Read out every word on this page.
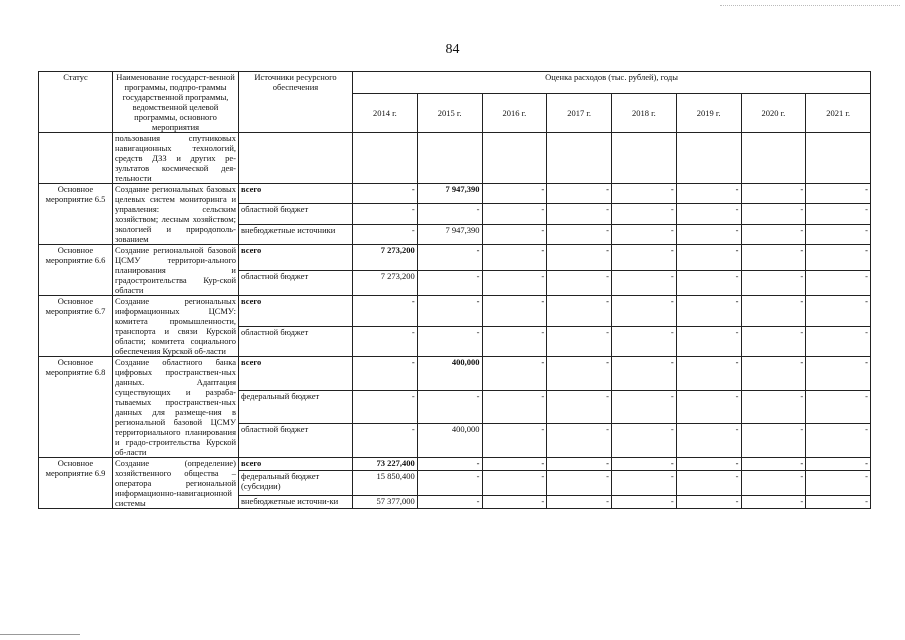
84
Статус	Наименование государст-венной программы, подпро-граммы государственной программы, ведомственной целевой программы, основного мероприятия	Источники ресурсного обеспечения	Оценка расходов (тыс. рублей), годы							
			2014 г.	2015 г.	2016 г.	2017 г.	2018 г.	2019 г.	2020 г.	2021 г.
	пользования спутниковых навигационных технологий, средств ДЗЗ и других ре-зультатов космической дея-тельности									
Основное мероприятие 6.5	Создание региональных базовых целевых систем мониторинга и управления: сельским хозяйством; лесным хозяйством; экологией и природополь-зованием	всего	-	7 947,390	-	-	-	-	-	-
		областной бюджет	-	-	-	-	-	-	-	-
		внебюджетные источники	-	7 947,390	-	-	-	-	-	-
Основное мероприятие 6.6	Создание региональной базовой ЦСМУ территори-ального планирования и градостроительства Кур-ской области	всего	7 273,200	-	-	-	-	-	-	-
		областной бюджет	7 273,200	-	-	-	-	-	-	-
Основное мероприятие 6.7	Создание региональных информационных ЦСМУ: комитета промышленности, транспорта и связи Курской области; комитета социального обеспечения Курской об-ласти	всего	-	-	-	-	-	-	-	-
		областной бюджет	-	-	-	-	-	-	-	-
Основное мероприятие 6.8	Создание областного банка цифровых пространствен-ных данных. Адаптация существующих и разраба-тываемых пространствен-ных данных для размеще-ния в региональной базовой ЦСМУ территориального планирования и градо-строительства Курской об-ласти	всего	-	400,000	-	-	-	-	-	-
		федеральный бюджет	-	-	-	-	-	-	-	-
		областной бюджет	-	400,000	-	-	-	-	-	-
Основное мероприятие 6.9	Создание (определение) хозяйственного общества – оператора региональной информационно-навигационной системы	всего	73 227,400	-	-	-	-	-	-	-
		федеральный бюджет (субсидии)	15 850,400	-	-	-	-	-	-	-
		внебюджетные источни-ки	57 377,000	-	-	-	-	-	-	-
